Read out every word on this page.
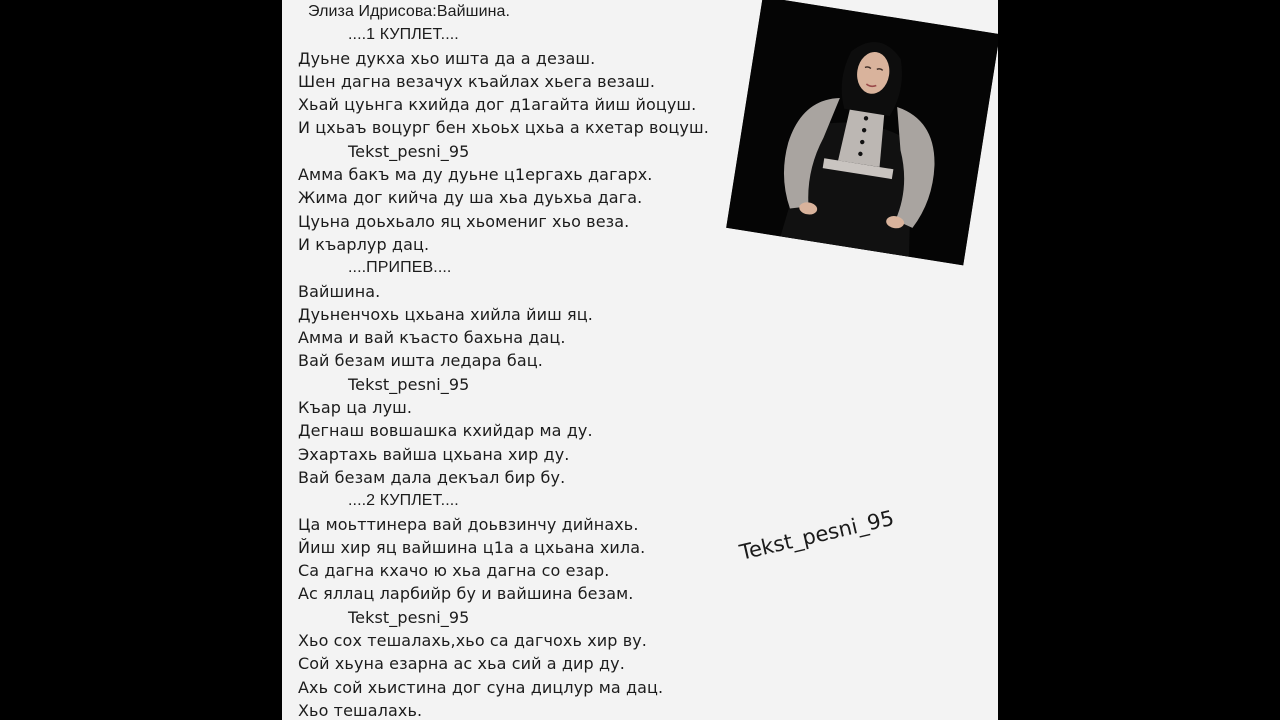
Элиза Идрисова:Вайшина.
....1 КУПЛЕТ....
Дуьне дукха хьо ишта да а дезаш.
Шен дагна везачух къайлах хьега везаш.
Хьай цуьнга кхийда дог д1агайта йиш йоцуш.
И цхьаъ воцург бен хьоьх цхьа а кхетар воцуш.
Tekst_pesni_95
Амма бакъ ма ду дуьне ц1ергахь дагарх.
Жима дог кийча ду ша хьа дуьхьа дага.
Цуьна доьхьало яц хьомениг хьо веза.
И къарлур дац.
....ПРИПЕВ....
Вайшина.
Дуьненчохь цхьана хийла йиш яц.
Амма и вай къасто бахьна дац.
Вай безам ишта ледара бац.
Tekst_pesni_95
Къар ца луш.
Дегнаш вовшашка кхийдар ма ду.
Эхартахь вайша цхьана хир ду.
Вай безам дала декъал бир бу.
....2 КУПЛЕТ....
Ца моьттинера вай доьвзинчу дийнахь.
Йиш хир яц вайшина ц1а а цхьана хила.
Са дагна кхачо ю хьа дагна со езар.
Ас яллац ларбийр бу и вайшина безам.
Tekst_pesni_95
Хьо сох тешалахь,хьо са дагчохь хир ву.
Сой хьуна езарна ас хьа сий а дир ду.
Ахь сой хьистина дог суна дицлур ма дац.
Хьо тешалахь.
Tekst_pesni_95
